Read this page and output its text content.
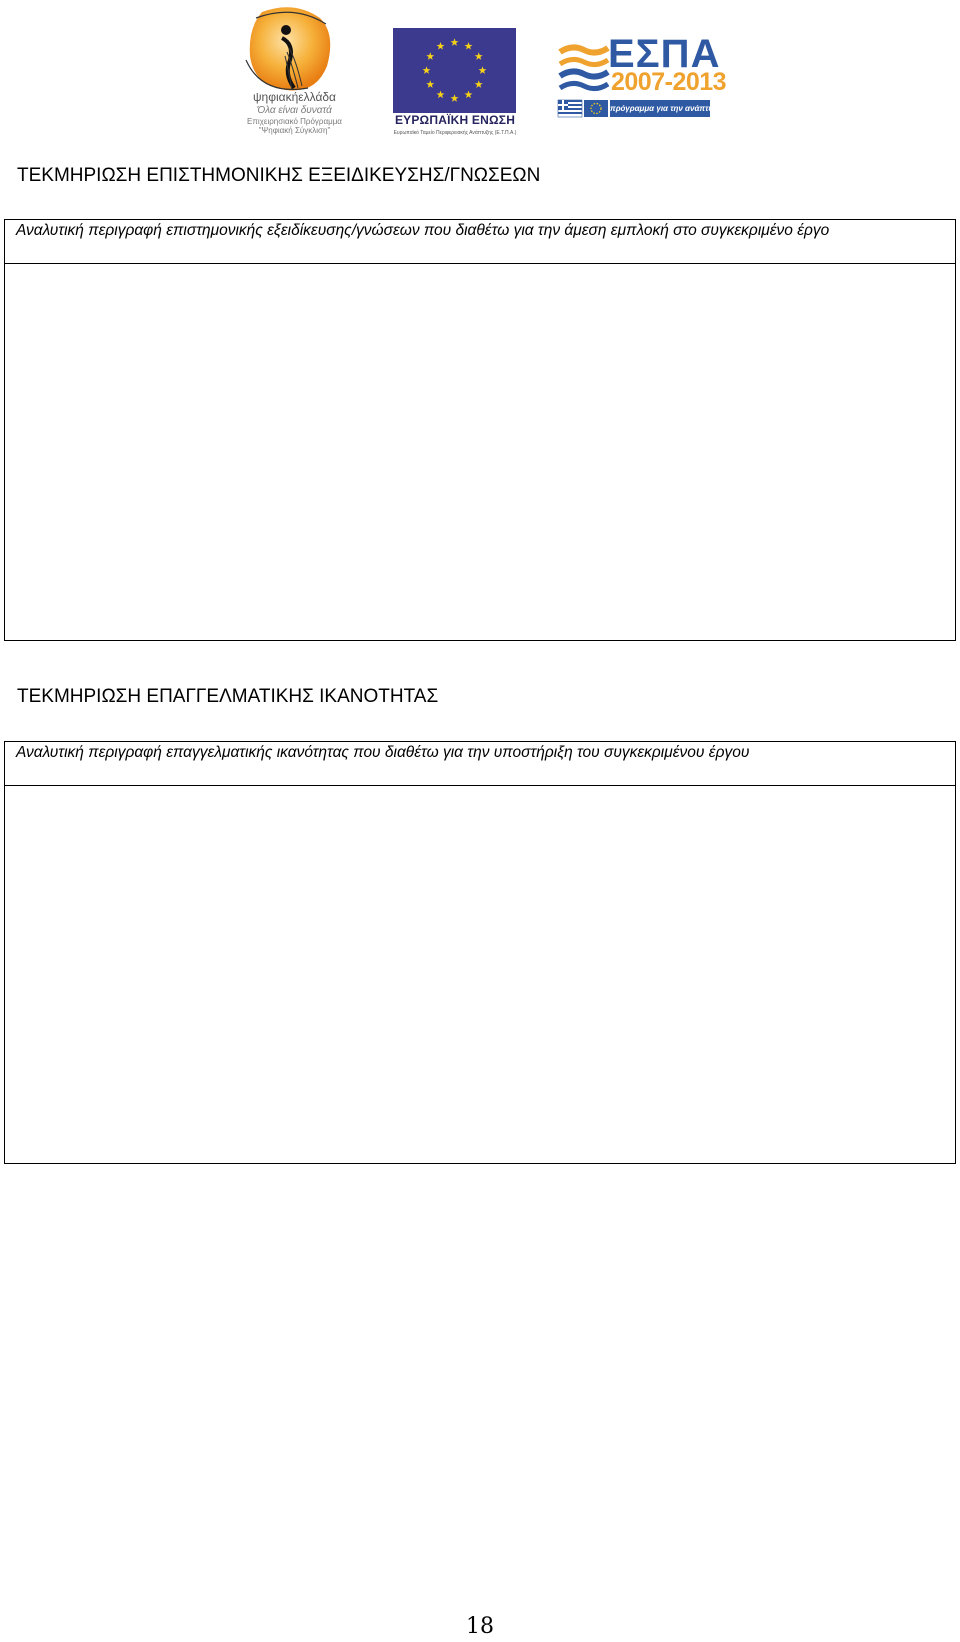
ψηφιακήελλάδα
Όλα είναι δυνατά
Επιχειρησιακό Πρόγραμμα
"Ψηφιακή Σύγκλιση"
ΕΥΡΩΠΑΪΚΗ ΕΝΩΣΗ
Ευρωπαϊκό Ταμείο Περιφερειακής Ανάπτυξης (Ε.Τ.Π.Α.)
ΕΣΠΑ
2007-2013
πρόγραμμα για την ανάπτυξη
ΤΕΚΜΗΡΙΩΣΗ ΕΠΙΣΤΗΜΟΝΙΚΗΣ ΕΞΕΙΔΙΚΕΥΣΗΣ/ΓΝΩΣΕΩΝ
Αναλυτική περιγραφή επιστημονικής εξειδίκευσης/γνώσεων που διαθέτω για την άμεση εμπλοκή στο συγκεκριμένο έργο
ΤΕΚΜΗΡΙΩΣΗ ΕΠΑΓΓΕΛΜΑΤΙΚΗΣ ΙΚΑΝΟΤΗΤΑΣ
Αναλυτική περιγραφή επαγγελματικής ικανότητας που διαθέτω για την υποστήριξη του συγκεκριμένου έργου
18
